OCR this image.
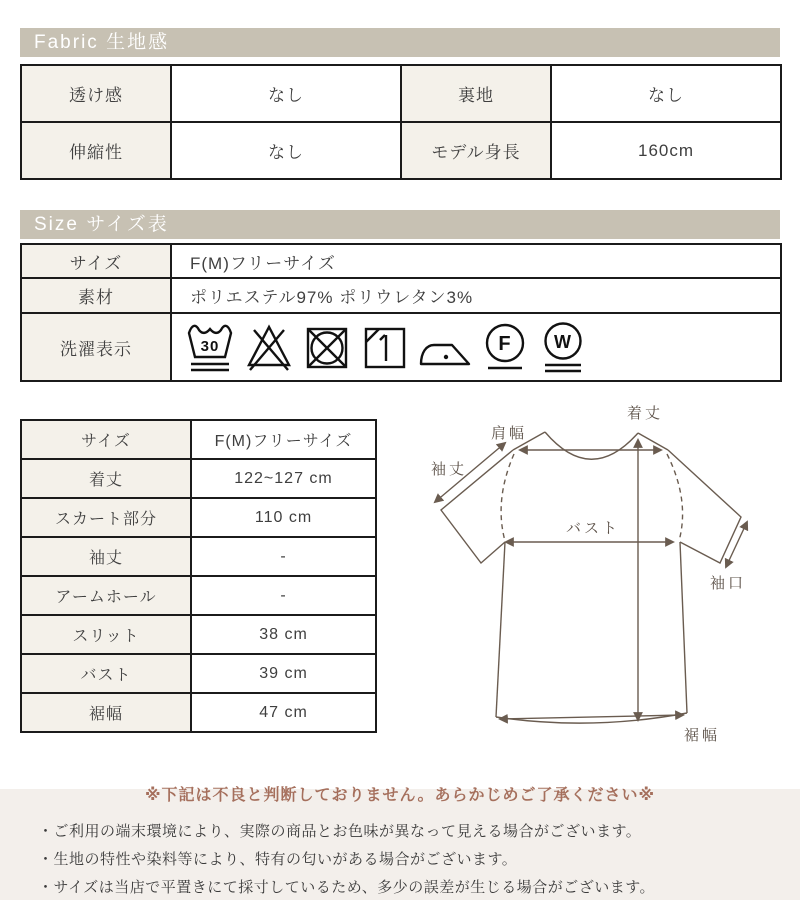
Fabric 生地感
透け感	なし	裏地	なし
伸縮性	なし	モデル身長	160cm
Size サイズ表
サイズ	F(M)フリーサイズ
素材	ポリエステル97% ポリウレタン3%
洗濯表示	30 F W
サイズ	F(M)フリーサイズ
着丈	122~127 cm
スカート部分	110 cm
袖丈	-
アームホール	-
スリット	38 cm
バスト	39 cm
裾幅	47 cm
着丈
肩幅
袖丈
バスト
袖口
裾幅
※下記は不良と判断しておりません。あらかじめご了承ください※
・ご利用の端末環境により、実際の商品とお色味が異なって見える場合がございます。
・生地の特性や染料等により、特有の匂いがある場合がございます。
・サイズは当店で平置きにて採寸しているため、多少の誤差が生じる場合がございます。
